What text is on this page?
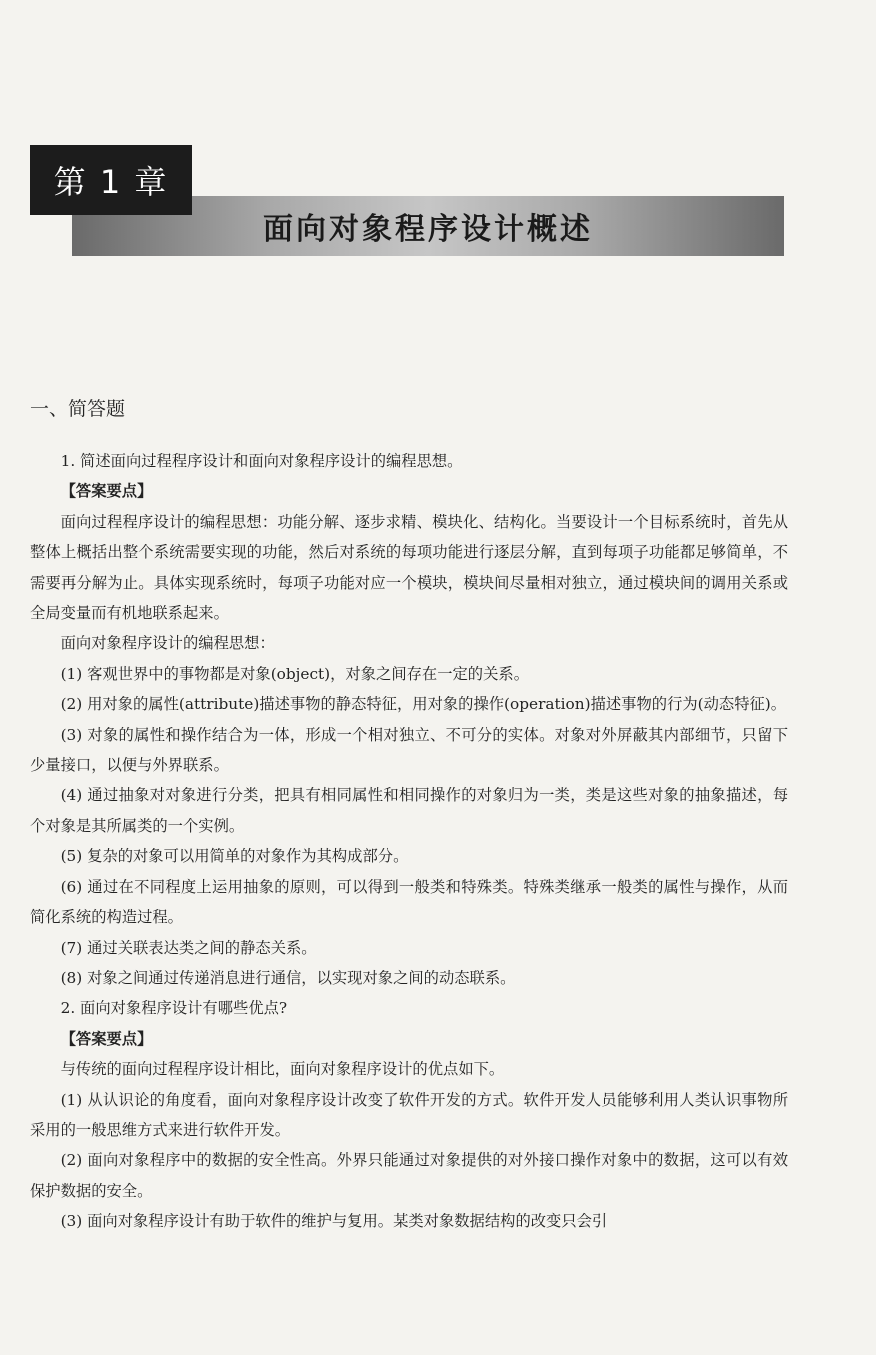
面向对象程序设计概述
第 1 章
一、简答题

1. 简述面向过程程序设计和面向对象程序设计的编程思想。

【答案要点】

面向过程程序设计的编程思想：功能分解、逐步求精、模块化、结构化。当要设计一个目标系统时，首先从整体上概括出整个系统需要实现的功能，然后对系统的每项功能进行逐层分解，直到每项子功能都足够简单，不需要再分解为止。具体实现系统时，每项子功能对应一个模块，模块间尽量相对独立，通过模块间的调用关系或全局变量而有机地联系起来。

面向对象程序设计的编程思想：

(1) 客观世界中的事物都是对象(object)，对象之间存在一定的关系。

(2) 用对象的属性(attribute)描述事物的静态特征，用对象的操作(operation)描述事物的行为(动态特征)。

(3) 对象的属性和操作结合为一体，形成一个相对独立、不可分的实体。对象对外屏蔽其内部细节，只留下少量接口，以便与外界联系。

(4) 通过抽象对对象进行分类，把具有相同属性和相同操作的对象归为一类，类是这些对象的抽象描述，每个对象是其所属类的一个实例。

(5) 复杂的对象可以用简单的对象作为其构成部分。

(6) 通过在不同程度上运用抽象的原则，可以得到一般类和特殊类。特殊类继承一般类的属性与操作，从而简化系统的构造过程。

(7) 通过关联表达类之间的静态关系。

(8) 对象之间通过传递消息进行通信，以实现对象之间的动态联系。

2. 面向对象程序设计有哪些优点?

【答案要点】

与传统的面向过程程序设计相比，面向对象程序设计的优点如下。

(1) 从认识论的角度看，面向对象程序设计改变了软件开发的方式。软件开发人员能够利用人类认识事物所采用的一般思维方式来进行软件开发。

(2) 面向对象程序中的数据的安全性高。外界只能通过对象提供的对外接口操作对象中的数据，这可以有效保护数据的安全。

(3) 面向对象程序设计有助于软件的维护与复用。某类对象数据结构的改变只会引
